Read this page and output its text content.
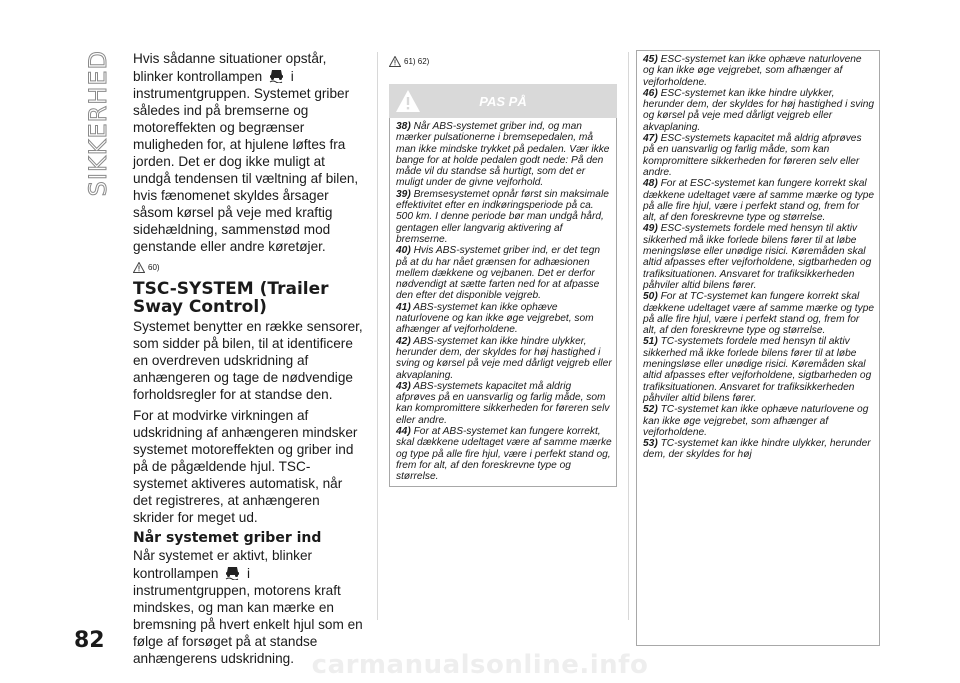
SIKKERHED
82

Hvis sådanne situationer opstår, blinker kontrollampen i instrumentgruppen. Systemet griber således ind på bremserne og motoreffekten og begrænser muligheden for, at hjulene løftes fra jorden. Det er dog ikke muligt at undgå tendensen til væltning af bilen, hvis fænomenet skyldes årsager såsom kørsel på veje med kraftig sidehældning, sammenstød mod genstande eller andre køretøjer.

60)
TSC-SYSTEM (Trailer Sway Control)

Systemet benytter en række sensorer, som sidder på bilen, til at identificere en overdreven udskridning af anhængeren og tage de nødvendige forholdsregler for at standse den.

For at modvirke virkningen af udskridning af anhængeren mindsker systemet motoreffekten og griber ind på de pågældende hjul. TSC-systemet aktiveres automatisk, når det registreres, at anhængeren skrider for meget ud.

Når systemet griber ind

Når systemet er aktivt, blinker kontrollampen i instrumentgruppen, motorens kraft mindskes, og man kan mærke en bremsning på hvert enkelt hjul som en følge af forsøget på at standse anhængerens udskridning.

61) 62)
PAS PÅ

38) Når ABS-systemet griber ind, og man mærker pulsationerne i bremsepedalen, må man ikke mindske trykket på pedalen. Vær ikke bange for at holde pedalen godt nede: På den måde vil du standse så hurtigt, som det er muligt under de givne vejforhold.

39) Bremsesystemet opnår først sin maksimale effektivitet efter en indkøringsperiode på ca. 500 km. I denne periode bør man undgå hård, gentagen eller langvarig aktivering af bremserne.

40) Hvis ABS-systemet griber ind, er det tegn på at du har nået grænsen for adhæsionen mellem dækkene og vejbanen. Det er derfor nødvendigt at sætte farten ned for at afpasse den efter det disponible vejgreb.

41) ABS-systemet kan ikke ophæve naturlovene og kan ikke øge vejgrebet, som afhænger af vejforholdene.

42) ABS-systemet kan ikke hindre ulykker, herunder dem, der skyldes for høj hastighed i sving og kørsel på veje med dårligt vejgreb eller akvaplaning.

43) ABS-systemets kapacitet må aldrig afprøves på en uansvarlig og farlig måde, som kan kompromittere sikkerheden for føreren selv eller andre.

44) For at ABS-systemet kan fungere korrekt, skal dækkene udeltaget være af samme mærke og type på alle fire hjul, være i perfekt stand og, frem for alt, af den foreskrevne type og størrelse.

45) ESC-systemet kan ikke ophæve naturlovene og kan ikke øge vejgrebet, som afhænger af vejforholdene.

46) ESC-systemet kan ikke hindre ulykker, herunder dem, der skyldes for høj hastighed i sving og kørsel på veje med dårligt vejgreb eller akvaplaning.

47) ESC-systemets kapacitet må aldrig afprøves på en uansvarlig og farlig måde, som kan kompromittere sikkerheden for føreren selv eller andre.

48) For at ESC-systemet kan fungere korrekt skal dækkene udeltaget være af samme mærke og type på alle fire hjul, være i perfekt stand og, frem for alt, af den foreskrevne type og størrelse.

49) ESC-systemets fordele med hensyn til aktiv sikkerhed må ikke forlede bilens fører til at løbe meningsløse eller unødige risici. Køremåden skal altid afpasses efter vejforholdene, sigtbarheden og trafiksituationen. Ansvaret for trafiksikkerheden påhviler altid bilens fører.

50) For at TC-systemet kan fungere korrekt skal dækkene udeltaget være af samme mærke og type på alle fire hjul, være i perfekt stand og, frem for alt, af den foreskrevne type og størrelse.

51) TC-systemets fordele med hensyn til aktiv sikkerhed må ikke forlede bilens fører til at løbe meningsløse eller unødige risici. Køremåden skal altid afpasses efter vejforholdene, sigtbarheden og trafiksituationen. Ansvaret for trafiksikkerheden påhviler altid bilens fører.

52) TC-systemet kan ikke ophæve naturlovene og kan ikke øge vejgrebet, som afhænger af vejforholdene.

53) TC-systemet kan ikke hindre ulykker, herunder dem, der skyldes for høj

carmanualsonline.info
